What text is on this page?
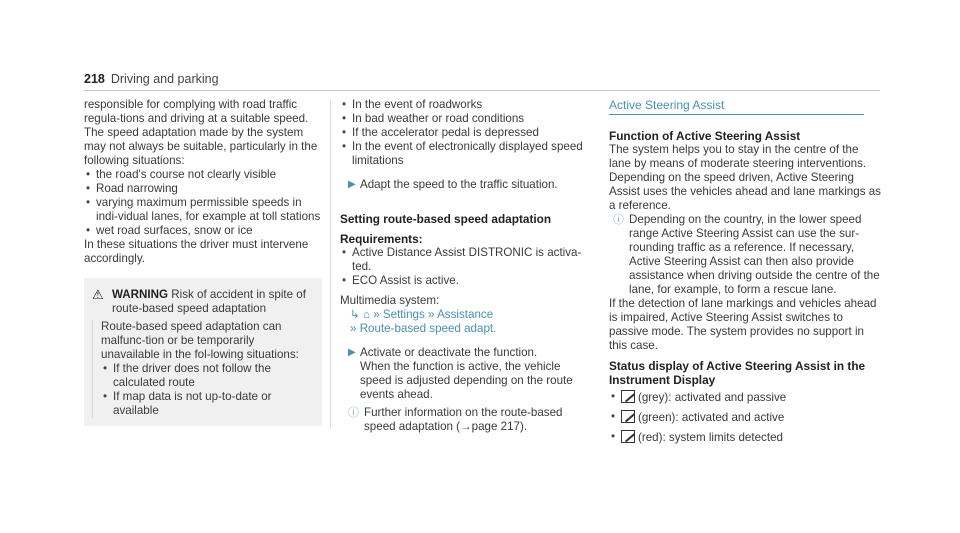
218 Driving and parking

responsible for complying with road traffic regula-tions and driving at a suitable speed.

The speed adaptation made by the system may not always be suitable, particularly in the following situations:

• the road's course not clearly visible
• Road narrowing
• varying maximum permissible speeds in indi-vidual lanes, for example at toll stations
• wet road surfaces, snow or ice

In these situations the driver must intervene accordingly.

⚠ WARNING Risk of accident in spite of route-based speed adaptation

Route-based speed adaptation can malfunc-tion or be temporarily unavailable in the fol-lowing situations:

• If the driver does not follow the calculated route
• If map data is not up-to-date or available
• In the event of roadworks
• In bad weather or road conditions
• If the accelerator pedal is depressed
• In the event of electronically displayed speed limitations
▶ Adapt the speed to the traffic situation.

Setting route-based speed adaptation

Requirements:

• Active Distance Assist DISTRONIC is activa-ted.
• ECO Assist is active.

Multimedia system:

↳ ⌂ » Settings » Assistance

» Route-based speed adapt.

▶ Activate or deactivate the function.

When the function is active, the vehicle speed is adjusted depending on the route events ahead.

ⓘ Further information on the route-based speed adaptation (→page 217).
Active Steering Assist

Function of Active Steering Assist

The system helps you to stay in the centre of the lane by means of moderate steering interventions. Depending on the speed driven, Active Steering Assist uses the vehicles ahead and lane markings as a reference.

ⓘ Depending on the country, in the lower speed range Active Steering Assist can use the sur-rounding traffic as a reference. If necessary, Active Steering Assist can then also provide assistance when driving outside the centre of the lane, for example, to form a rescue lane.

If the detection of lane markings and vehicles ahead is impaired, Active Steering Assist switches to passive mode. The system provides no support in this case.

Status display of Active Steering Assist in the Instrument Display

• (grey): activated and passive
• (green): activated and active
• (red): system limits detected
